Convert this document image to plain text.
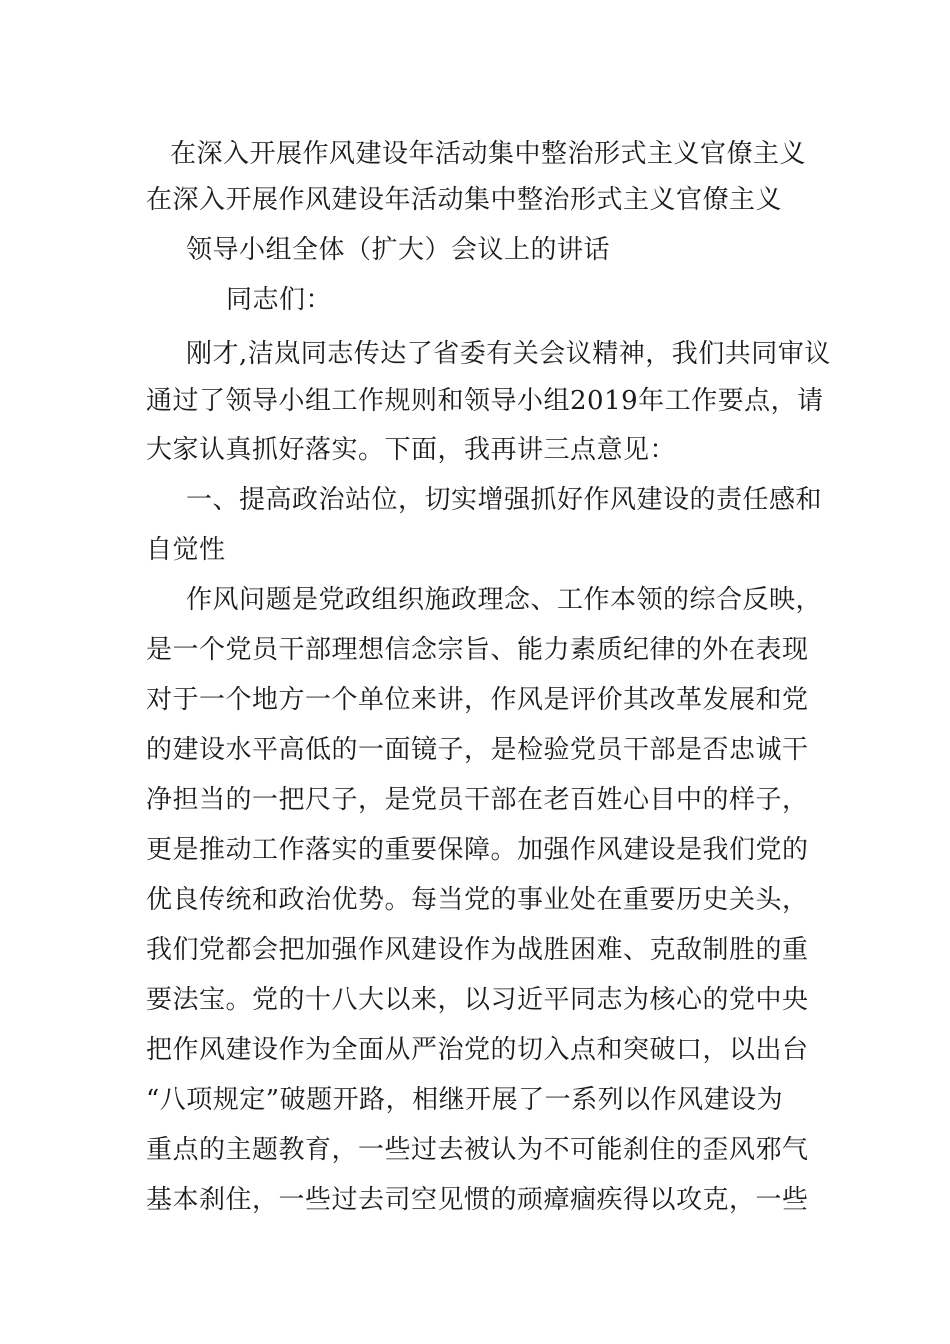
在深入开展作风建设年活动集中整治形式主义官僚主义
在深入开展作风建设年活动集中整治形式主义官僚主义
领导小组全体（扩大）会议上的讲话
同志们：
刚才,洁岚同志传达了省委有关会议精神，我们共同审议
通过了领导小组工作规则和领导小组2019年工作要点，请
大家认真抓好落实。下面，我再讲三点意见：
一、提高政治站位，切实增强抓好作风建设的责任感和
自觉性
作风问题是党政组织施政理念、工作本领的综合反映，
是一个党员干部理想信念宗旨、能力素质纪律的外在表现
对于一个地方一个单位来讲，作风是评价其改革发展和党
的建设水平高低的一面镜子，是检验党员干部是否忠诚干
净担当的一把尺子，是党员干部在老百姓心目中的样子，
更是推动工作落实的重要保障。加强作风建设是我们党的
优良传统和政治优势。每当党的事业处在重要历史关头，
我们党都会把加强作风建设作为战胜困难、克敌制胜的重
要法宝。党的十八大以来，以习近平同志为核心的党中央
把作风建设作为全面从严治党的切入点和突破口，以出台
“八项规定”破题开路，相继开展了一系列以作风建设为
重点的主题教育，一些过去被认为不可能刹住的歪风邪气
基本刹住，一些过去司空见惯的顽瘴痼疾得以攻克，一些
